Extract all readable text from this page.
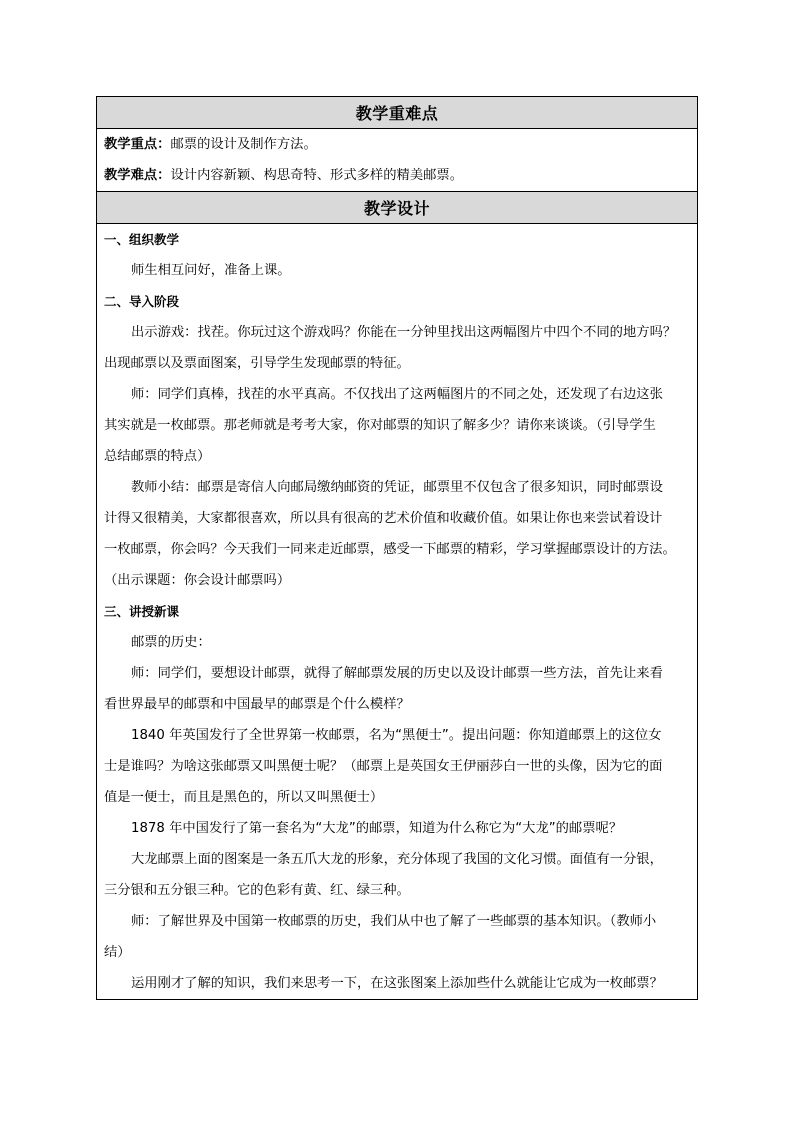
教学重难点
教学重点：邮票的设计及制作方法。
教学难点：设计内容新颖、构思奇特、形式多样的精美邮票。
教学设计
一、组织教学
师生相互问好，准备上课。
二、导入阶段
出示游戏：找茬。你玩过这个游戏吗？你能在一分钟里找出这两幅图片中四个不同的地方吗？
出现邮票以及票面图案，引导学生发现邮票的特征。
师：同学们真棒，找茬的水平真高。不仅找出了这两幅图片的不同之处，还发现了右边这张
其实就是一枚邮票。那老师就是考考大家，你对邮票的知识了解多少？请你来谈谈。（引导学生
总结邮票的特点）
教师小结：邮票是寄信人向邮局缴纳邮资的凭证，邮票里不仅包含了很多知识，同时邮票设
计得又很精美，大家都很喜欢，所以具有很高的艺术价值和收藏价值。如果让你也来尝试着设计
一枚邮票，你会吗？今天我们一同来走近邮票，感受一下邮票的精彩，学习掌握邮票设计的方法。
（出示课题：你会设计邮票吗）
三、讲授新课
邮票的历史：
师：同学们，要想设计邮票，就得了解邮票发展的历史以及设计邮票一些方法，首先让来看
看世界最早的邮票和中国最早的邮票是个什么模样？
1840 年英国发行了全世界第一枚邮票，名为“黑便士”。提出问题：你知道邮票上的这位女
士是谁吗？为啥这张邮票又叫黑便士呢？（邮票上是英国女王伊丽莎白一世的头像，因为它的面
值是一便士，而且是黑色的，所以又叫黑便士）
1878 年中国发行了第一套名为“大龙”的邮票，知道为什么称它为“大龙”的邮票呢？
大龙邮票上面的图案是一条五爪大龙的形象，充分体现了我国的文化习惯。面值有一分银，
三分银和五分银三种。它的色彩有黄、红、绿三种。
师：了解世界及中国第一枚邮票的历史，我们从中也了解了一些邮票的基本知识。（教师小
结）
运用刚才了解的知识，我们来思考一下，在这张图案上添加些什么就能让它成为一枚邮票？
